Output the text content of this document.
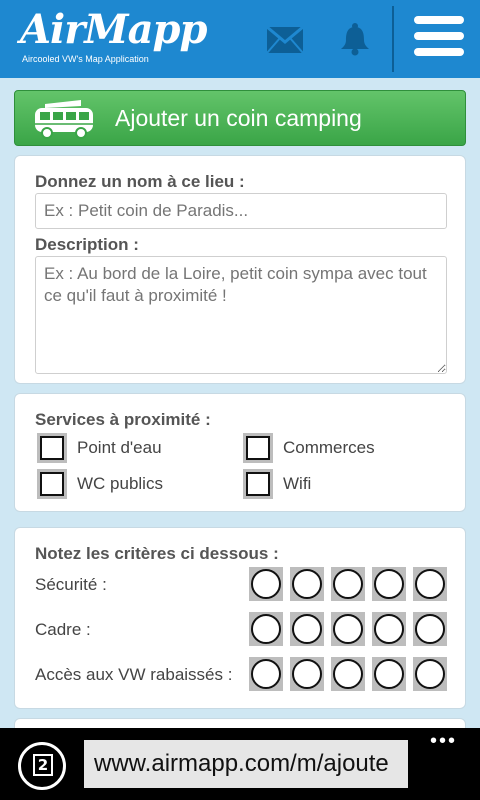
AirMapp
Aircooled VW's Map Application
Ajouter un coin camping
Donnez un nom à ce lieu :
Ex : Petit coin de Paradis...
Description :
Ex : Au bord de la Loire, petit coin sympa avec tout ce qu'il faut à proximité !
Services à proximité :
Point d'eau	Commerces
WC publics	Wifi
Notez les critères ci dessous :
Sécurité :
Cadre :
Accès aux VW rabaissés :
2 www.airmapp.com/m/ajoute
•••
